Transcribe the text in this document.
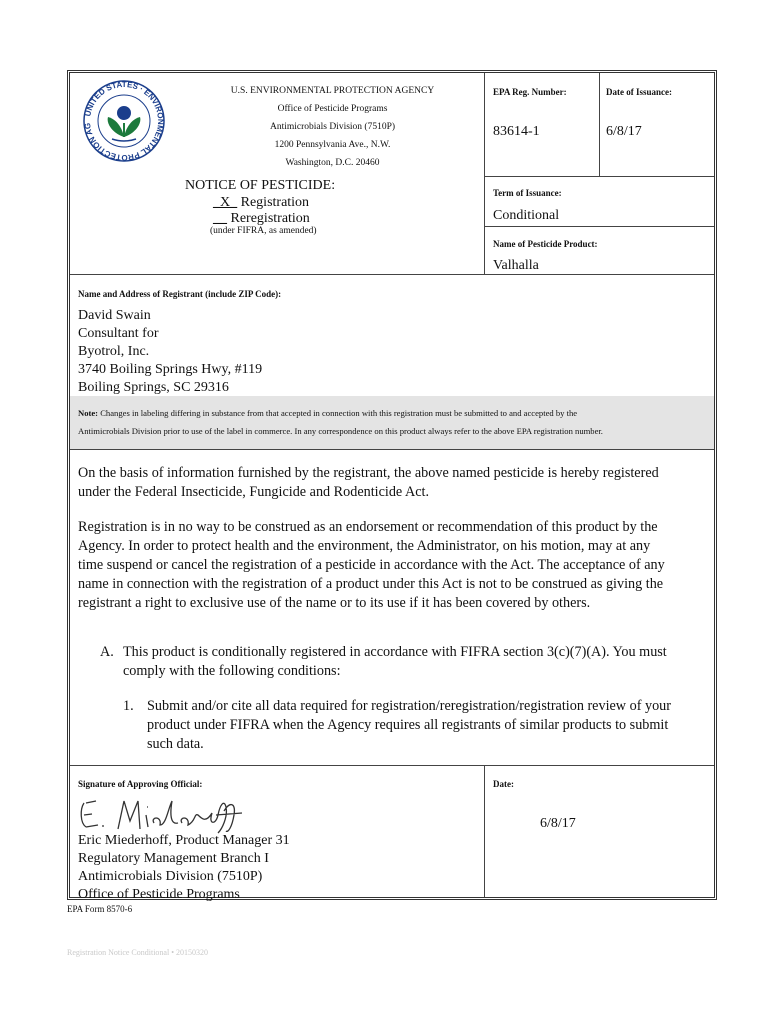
UNITED STATES · ENVIRONMENTAL PROTECTION AG
U.S. ENVIRONMENTAL PROTECTION AGENCY
Office of Pesticide Programs
Antimicrobials Division (7510P)
1200 Pennsylvania Ave., N.W.
Washington, D.C. 20460
NOTICE OF PESTICIDE:
_X_ Registration
__ Reregistration
(under FIFRA, as amended)
EPA Reg. Number:
83614-1
Date of Issuance:
6/8/17
Term of Issuance:
Conditional
Name of Pesticide Product:
Valhalla
Name and Address of Registrant (include ZIP Code):
David Swain
Consultant for
Byotrol, Inc.
3740 Boiling Springs Hwy, #119
Boiling Springs, SC 29316
Note: Changes in labeling differing in substance from that accepted in connection with this registration must be submitted to and accepted by the
Antimicrobials Division prior to use of the label in commerce. In any correspondence on this product always refer to the above EPA registration number.
On the basis of information furnished by the registrant, the above named pesticide is hereby registered
under the Federal Insecticide, Fungicide and Rodenticide Act.
Registration is in no way to be construed as an endorsement or recommendation of this product by the
Agency. In order to protect health and the environment, the Administrator, on his motion, may at any
time suspend or cancel the registration of a pesticide in accordance with the Act. The acceptance of any
name in connection with the registration of a product under this Act is not to be construed as giving the
registrant a right to exclusive use of the name or to its use if it has been covered by others.
A. This product is conditionally registered in accordance with FIFRA section 3(c)(7)(A). You must
comply with the following conditions:
1. Submit and/or cite all data required for registration/reregistration/registration review of your
product under FIFRA when the Agency requires all registrants of similar products to submit
such data.
Signature of Approving Official:
Eric Miederhoff, Product Manager 31
Regulatory Management Branch I
Antimicrobials Division (7510P)
Office of Pesticide Programs
Date:
6/8/17
EPA Form 8570-6
Registration Notice Conditional • 20150320
